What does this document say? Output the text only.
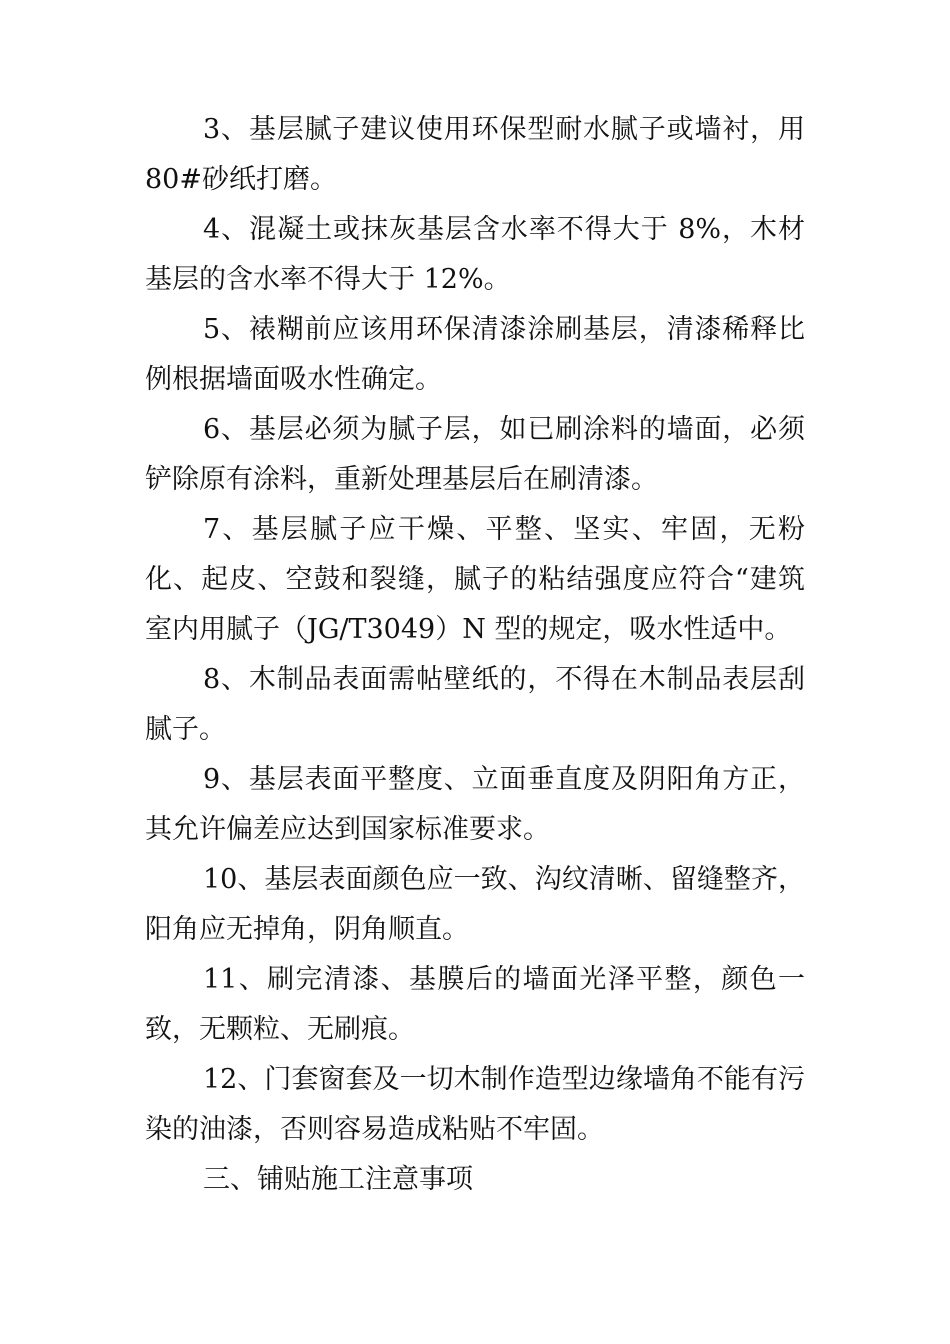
3、基层腻子建议使用环保型耐水腻子或墙衬，用80#砂纸打磨。

4、混凝土或抹灰基层含水率不得大于 8%，木材基层的含水率不得大于 12%。

5、裱糊前应该用环保清漆涂刷基层，清漆稀释比例根据墙面吸水性确定。

6、基层必须为腻子层，如已刷涂料的墙面，必须铲除原有涂料，重新处理基层后在刷清漆。

7、基层腻子应干燥、平整、坚实、牢固，无粉化、起皮、空鼓和裂缝，腻子的粘结强度应符合“建筑室内用腻子（JG/T3049）N 型的规定，吸水性适中。

8、木制品表面需帖壁纸的，不得在木制品表层刮腻子。

9、基层表面平整度、立面垂直度及阴阳角方正，其允许偏差应达到国家标准要求。

10、基层表面颜色应一致、沟纹清晰、留缝整齐，阳角应无掉角，阴角顺直。

11、刷完清漆、基膜后的墙面光泽平整，颜色一致，无颗粒、无刷痕。

12、门套窗套及一切木制作造型边缘墙角不能有污染的油漆，否则容易造成粘贴不牢固。

三、铺贴施工注意事项
